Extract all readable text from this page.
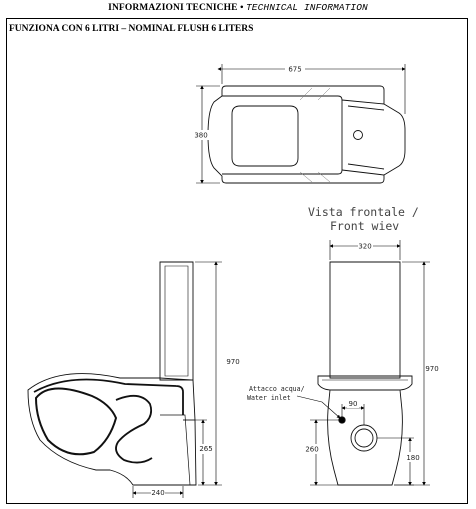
INFORMAZIONI TECNICHE • TECHNICAL INFORMATION
FUNZIONA CON 6 LITRI – NOMINAL FLUSH 6 LITERS
675
380
Vista frontale /
Front wiev
970
265
240
320
970
260
90
180
Attacco acqua/
Water inlet
